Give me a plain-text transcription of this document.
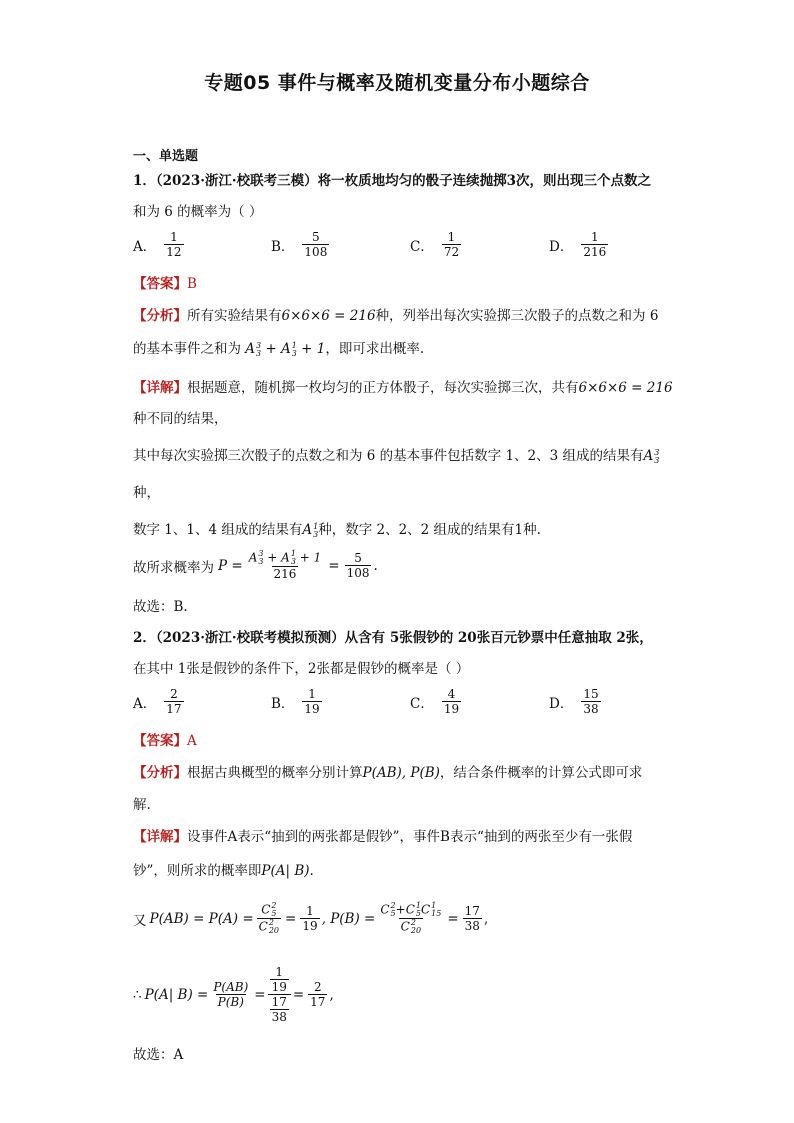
专题05 事件与概率及随机变量分布小题综合
一、单选题
1．（2023·浙江·校联考三模）将一枚质地均匀的骰子连续抛掷3次，则出现三个点数之
和为 6 的概率为（ ）
A． $\frac{1}{12}$	B． $\frac{5}{108}$	C． $\frac{1}{72}$	D． $\frac{1}{216}$
【答案】B
【分析】所有实验结果有6×6×6 = 216种，列举出每次实验掷三次骰子的点数之和为 6
的基本事件之和为 A 3
3 + A 1
3 + 1，即可求出概率.
【详解】根据题意，随机掷一枚均匀的正方体骰子，每次实验掷三次，共有6×6×6 = 216
种不同的结果，
其中每次实验掷三次骰子的点数之和为 6 的基本事件包括数字 1、2、3 组成的结果有A 3
3
种，
数字 1、1、4 组成的结果有A 1
3 种，数字 2、2、2 组成的结果有1种.
故所求概率为 P = A 3
3 + A 1
3 + 1
$216 = \frac{5}{108}$ .
故选：B.
2．（2023·浙江·校联考模拟预测）从含有 5张假钞的 20张百元钞票中任意抽取 2张，
在其中 1张是假钞的条件下，2张都是假钞的概率是（ ）
A． $\frac{2}{17}$	B． $\frac{1}{19}$	C． $\frac{4}{19}$	D． $\frac{15}{38}$
【答案】A
【分析】根据古典概型的概率分别计算P(AB), P(B)，结合条件概率的计算公式即可求
解.
【详解】设事件A表示“抽到的两张都是假钞”，事件B表示“抽到的两张至少有一张假
钞”，则所求的概率即P(A| B).
又 P(AB) = P(A) = C 2
5
C 2
$20 = \frac{1}{19}$ , P(B) = C 2
5 +C 1
5 C 1
15
C 2
$20 = \frac{17}{38}$ ,
∴ P(A| $B) = \frac{P(AB)}{P(B)}$ =
$\frac{1}{19}$
$\frac{17}{38}$
= $\frac{2}{17}$ ,
故选：A
